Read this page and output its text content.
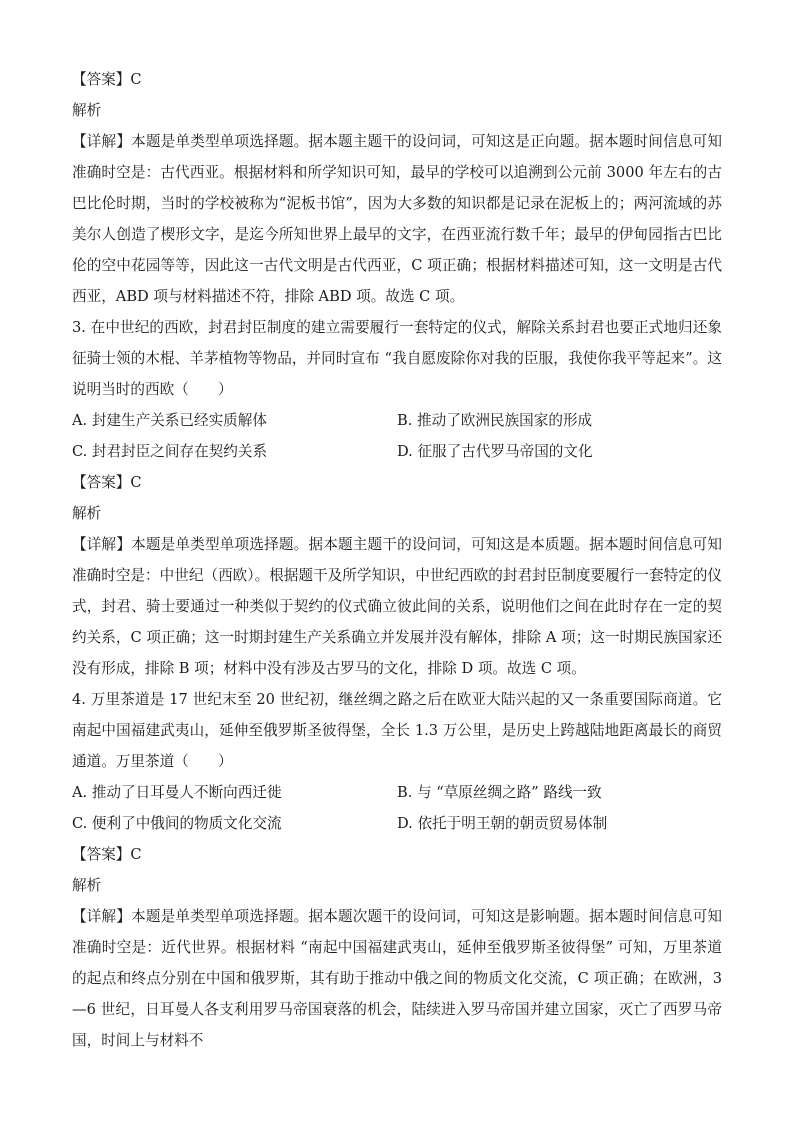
【答案】C
解析
【详解】本题是单类型单项选择题。据本题主题干的设问词，可知这是正向题。据本题时间信息可知准确时空是：古代西亚。根据材料和所学知识可知，最早的学校可以追溯到公元前 3000 年左右的古巴比伦时期，当时的学校被称为“泥板书馆”，因为大多数的知识都是记录在泥板上的；两河流域的苏美尔人创造了楔形文字，是迄今所知世界上最早的文字，在西亚流行数千年；最早的伊甸园指古巴比伦的空中花园等等，因此这一古代文明是古代西亚，C 项正确；根据材料描述可知，这一文明是古代西亚，ABD 项与材料描述不符，排除 ABD 项。故选 C 项。
3. 在中世纪的西欧，封君封臣制度的建立需要履行一套特定的仪式，解除关系封君也要正式地归还象征骑士领的木棍、羊茅植物等物品，并同时宣布 “我自愿废除你对我的臣服，我使你我平等起来”。这说明当时的西欧（　　）
A. 封建生产关系已经实质解体	B. 推动了欧洲民族国家的形成
C. 封君封臣之间存在契约关系	D. 征服了古代罗马帝国的文化
【答案】C
解析
【详解】本题是单类型单项选择题。据本题主题干的设问词，可知这是本质题。据本题时间信息可知准确时空是：中世纪（西欧）。根据题干及所学知识，中世纪西欧的封君封臣制度要履行一套特定的仪式，封君、骑士要通过一种类似于契约的仪式确立彼此间的关系，说明他们之间在此时存在一定的契约关系，C 项正确；这一时期封建生产关系确立并发展并没有解体，排除 A 项；这一时期民族国家还没有形成，排除 B 项；材料中没有涉及古罗马的文化，排除 D 项。故选 C 项。
4. 万里茶道是 17 世纪末至 20 世纪初，继丝绸之路之后在欧亚大陆兴起的又一条重要国际商道。它南起中国福建武夷山，延伸至俄罗斯圣彼得堡，全长 1.3 万公里，是历史上跨越陆地距离最长的商贸通道。万里茶道（　　）
A. 推动了日耳曼人不断向西迁徙	B. 与 “草原丝绸之路” 路线一致
C. 便利了中俄间的物质文化交流	D. 依托于明王朝的朝贡贸易体制
【答案】C
解析
【详解】本题是单类型单项选择题。据本题次题干的设问词，可知这是影响题。据本题时间信息可知准确时空是：近代世界。根据材料 “南起中国福建武夷山，延伸至俄罗斯圣彼得堡” 可知，万里茶道的起点和终点分别在中国和俄罗斯，其有助于推动中俄之间的物质文化交流，C 项正确；在欧洲，3—6 世纪，日耳曼人各支利用罗马帝国衰落的机会，陆续进入罗马帝国并建立国家，灭亡了西罗马帝国，时间上与材料不
